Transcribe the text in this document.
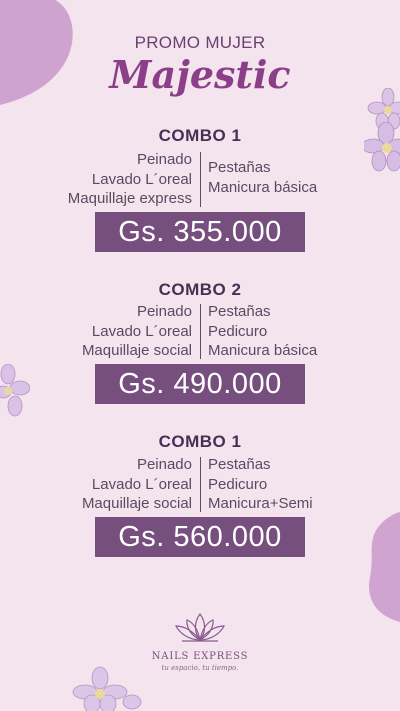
PROMO MUJER
Majestic
COMBO 1
Peinado
Lavado L´oreal
Maquillaje express
Pestañas
Manicura básica
Gs. 355.000
COMBO 2
Peinado
Lavado L´oreal
Maquillaje social
Pestañas
Pedicuro
Manicura básica
Gs. 490.000
COMBO 1
Peinado
Lavado L´oreal
Maquillaje social
Pestañas
Pedicuro
Manicura+Semi
Gs. 560.000
NAILS EXPRESS
tu espacio, tu tiempo.
